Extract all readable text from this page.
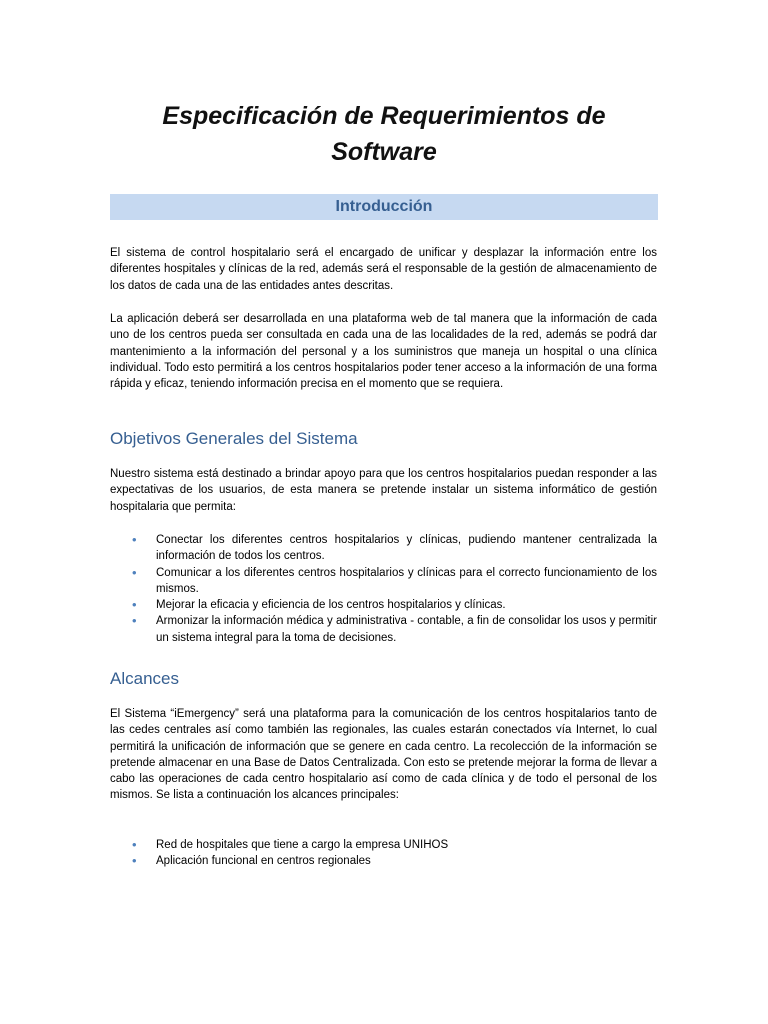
Especificación de Requerimientos de
Software
Introducción

El sistema de control hospitalario será el encargado de unificar y desplazar la información entre los diferentes hospitales y clínicas de la red, además será el responsable de la gestión de almacenamiento de los datos de cada una de las entidades antes descritas.

La aplicación deberá ser desarrollada en una plataforma web de tal manera que la información de cada uno de los centros pueda ser consultada en cada una de las localidades de la red, además se podrá dar mantenimiento a la información del personal y a los suministros que maneja un hospital o una clínica individual. Todo esto permitirá a los centros hospitalarios poder tener acceso a la información de una forma rápida y eficaz, teniendo información precisa en el momento que se requiera.

Objetivos Generales del Sistema

Nuestro sistema está destinado a brindar apoyo para que los centros hospitalarios puedan responder a las expectativas de los usuarios, de esta manera se pretende instalar un sistema informático de gestión hospitalaria que permita:

• Conectar los diferentes centros hospitalarios y clínicas, pudiendo mantener centralizada la información de todos los centros.
• Comunicar a los diferentes centros hospitalarios y clínicas para el correcto funcionamiento de los mismos.
• Mejorar la eficacia y eficiencia de los centros hospitalarios y clínicas.
• Armonizar la información médica y administrativa - contable, a fin de consolidar los usos y permitir un sistema integral para la toma de decisiones.
Alcances

El Sistema “iEmergency” será una plataforma para la comunicación de los centros hospitalarios tanto de las cedes centrales así como también las regionales, las cuales estarán conectados vía Internet, lo cual permitirá la unificación de información que se genere en cada centro. La recolección de la información se pretende almacenar en una Base de Datos Centralizada. Con esto se pretende mejorar la forma de llevar a cabo las operaciones de cada centro hospitalario así como de cada clínica y de todo el personal de los mismos. Se lista a continuación los alcances principales:

• Red de hospitales que tiene a cargo la empresa UNIHOS
• Aplicación funcional en centros regionales
